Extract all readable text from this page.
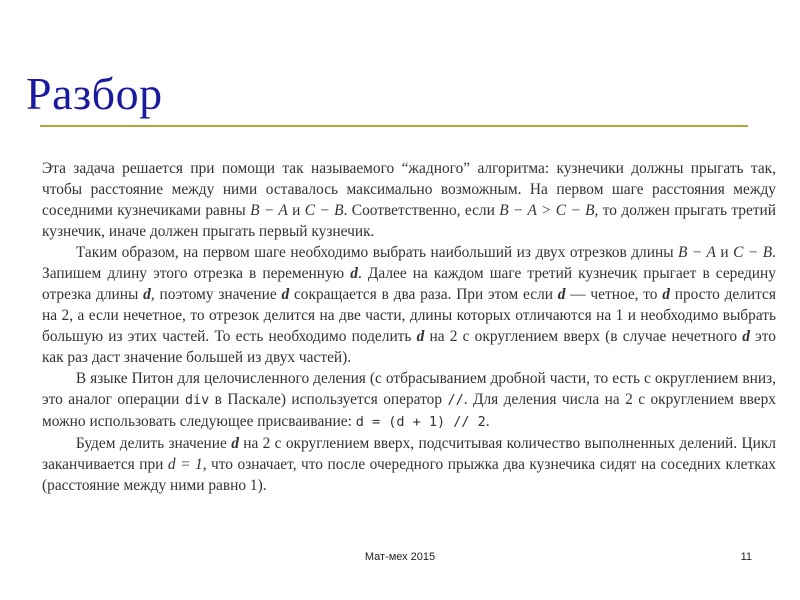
Разбор

Эта задача решается при помощи так называемого “жадного” алгоритма: кузнечики должны прыгать так, чтобы расстояние между ними оставалось максимально возможным. На первом шаге расстояния между соседними кузнечиками равны B − A и C − B. Соответственно, если B − A > C − B, то должен прыгать третий кузнечик, иначе должен прыгать первый кузнечик.

Таким образом, на первом шаге необходимо выбрать наибольший из двух отрезков длины B − A и C − B. Запишем длину этого отрезка в переменную d. Далее на каждом шаге третий кузнечик прыгает в середину отрезка длины d, поэтому значение d сокращается в два раза. При этом если d — четное, то d просто делится на 2, а если нечетное, то отрезок делится на две части, длины которых отличаются на 1 и необходимо выбрать большую из этих частей. То есть необходимо поделить d на 2 с округлением вверх (в случае нечетного d это как раз даст значение большей из двух частей).

В языке Питон для целочисленного деления (с отбрасыванием дробной части, то есть с округлением вниз, это аналог операции div в Паскале) используется оператор //. Для деления числа на 2 с округлением вверх можно использовать следующее присваивание: d = (d + 1) // 2.

Будем делить значение d на 2 с округлением вверх, подсчитывая количество выполненных делений. Цикл заканчивается при d = 1, что означает, что после очередного прыжка два кузнечика сидят на соседних клетках (расстояние между ними равно 1).

Мат-мех 2015	11
